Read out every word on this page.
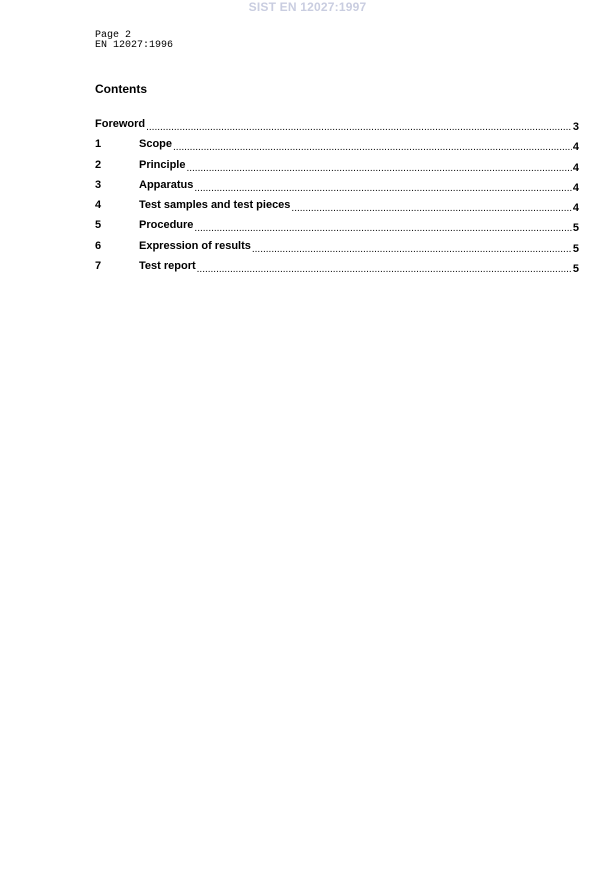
SIST EN 12027:1997
Page 2
EN 12027:1996
Contents
Foreword .....	3
1	Scope .....	4
2	Principle .....	4
3	Apparatus .....	4
4	Test samples and test pieces .....	4
5	Procedure .....	5
6	Expression of results .....	5
7	Test report .....	5
